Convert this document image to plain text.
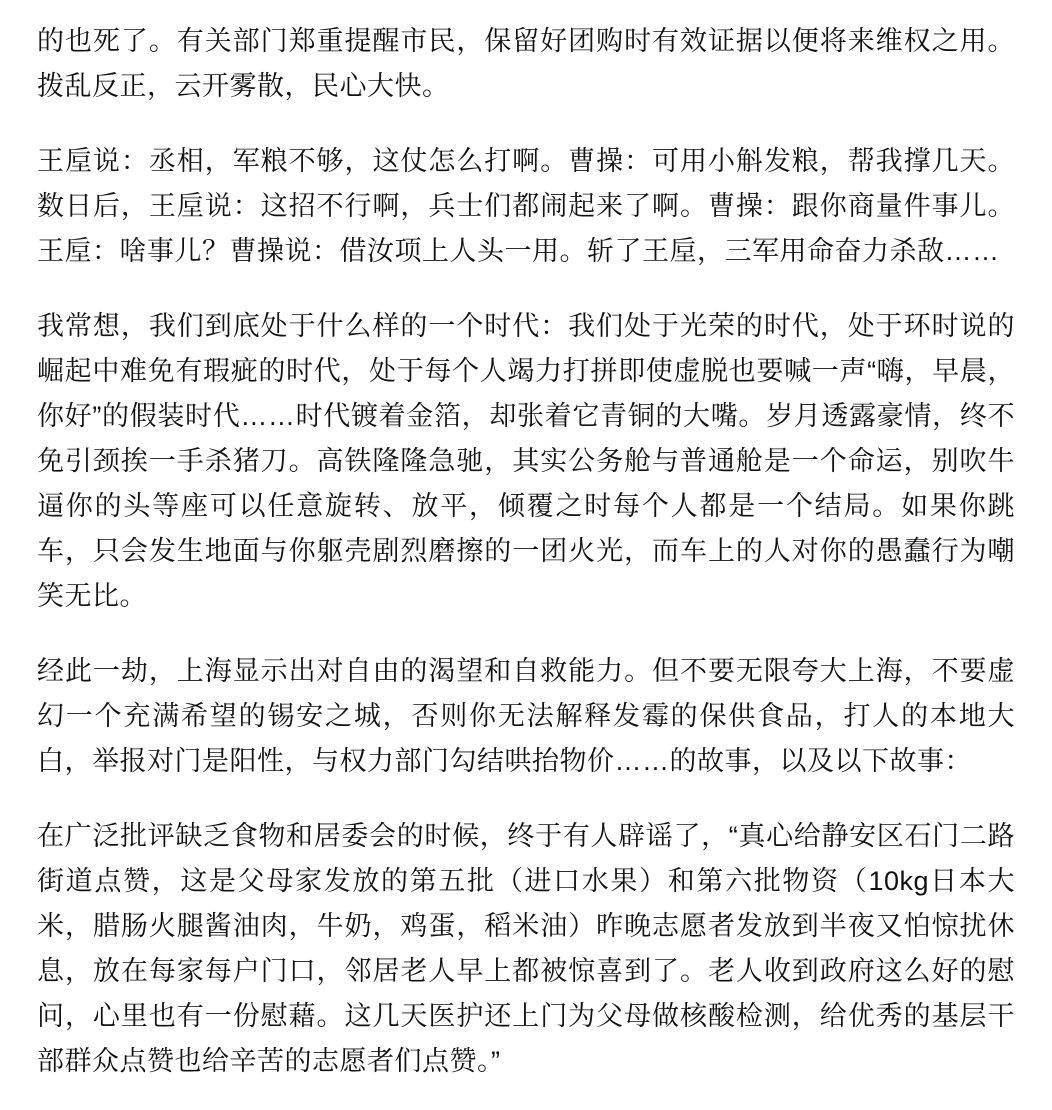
的也死了。有关部门郑重提醒市民，保留好团购时有效证据以便将来维权之用。拨乱反正，云开雾散，民心大快。

王垕说：丞相，军粮不够，这仗怎么打啊。曹操：可用小斛发粮，帮我撑几天。数日后，王垕说：这招不行啊，兵士们都闹起来了啊。曹操：跟你商量件事儿。王垕：啥事儿？曹操说：借汝项上人头一用。斩了王垕，三军用命奋力杀敌……

我常想，我们到底处于什么样的一个时代：我们处于光荣的时代，处于环时说的崛起中难免有瑕疵的时代，处于每个人竭力打拼即使虚脱也要喊一声“嗨，早晨，你好”的假装时代……时代镀着金箔，却张着它青铜的大嘴。岁月透露豪情，终不免引颈挨一手杀猪刀。高铁隆隆急驰，其实公务舱与普通舱是一个命运，别吹牛逼你的头等座可以任意旋转、放平，倾覆之时每个人都是一个结局。如果你跳车，只会发生地面与你躯壳剧烈磨擦的一团火光，而车上的人对你的愚蠢行为嘲笑无比。

经此一劫，上海显示出对自由的渴望和自救能力。但不要无限夸大上海，不要虚幻一个充满希望的锡安之城，否则你无法解释发霉的保供食品，打人的本地大白，举报对门是阳性，与权力部门勾结哄抬物价……的故事，以及以下故事：

在广泛批评缺乏食物和居委会的时候，终于有人辟谣了，“真心给静安区石门二路街道点赞，这是父母家发放的第五批（进口水果）和第六批物资（10kg日本大米，腊肠火腿酱油肉，牛奶，鸡蛋，稻米油）昨晚志愿者发放到半夜又怕惊扰休息，放在每家每户门口，邻居老人早上都被惊喜到了。老人收到政府这么好的慰问，心里也有一份慰藉。这几天医护还上门为父母做核酸检测，给优秀的基层干部群众点赞也给辛苦的志愿者们点赞。”
